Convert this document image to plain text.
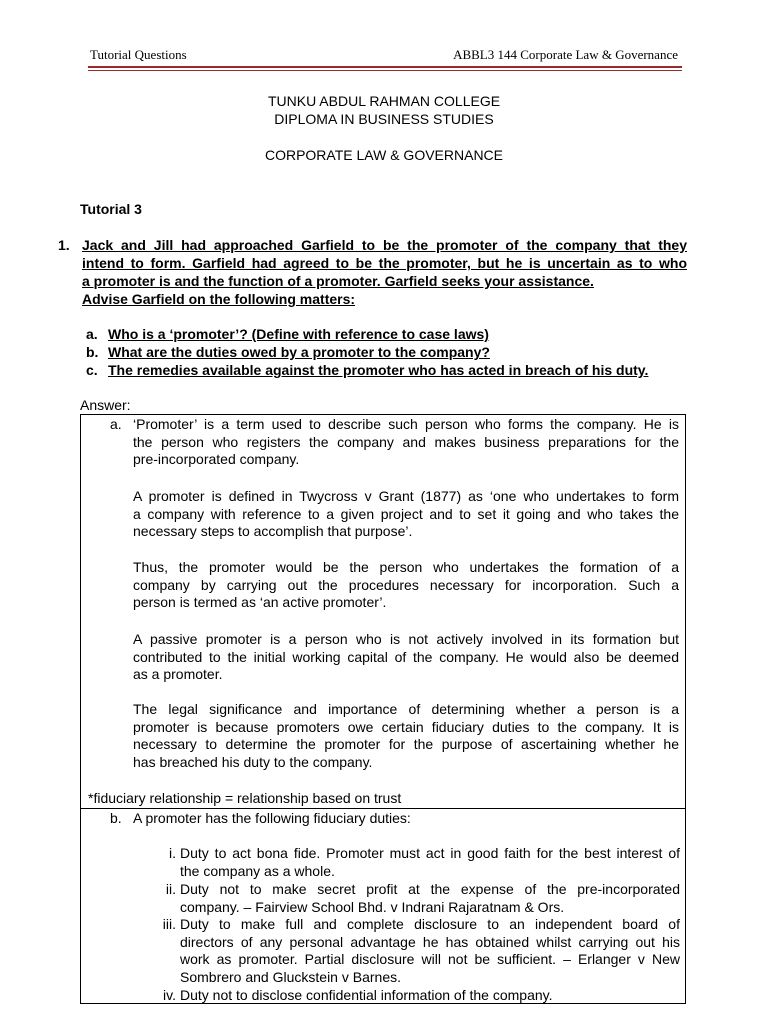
Tutorial Questions	ABBL3 144 Corporate Law & Governance
TUNKU ABDUL RAHMAN COLLEGE
DIPLOMA IN BUSINESS STUDIES
CORPORATE LAW & GOVERNANCE
Tutorial 3
1. Jack and Jill had approached Garfield to be the promoter of the company that they
intend to form. Garfield had agreed to be the promoter, but he is uncertain as to who
a promoter is and the function of a promoter. Garfield seeks your assistance.
Advise Garfield on the following matters:
a. Who is a ‘promoter’? (Define with reference to case laws)
b. What are the duties owed by a promoter to the company?
c. The remedies available against the promoter who has acted in breach of his duty.
Answer:
a. ‘Promoter’ is a term used to describe such person who forms the company. He is
the person who registers the company and makes business preparations for the
pre-incorporated company.
A promoter is defined in Twycross v Grant (1877) as ‘one who undertakes to form
a company with reference to a given project and to set it going and who takes the
necessary steps to accomplish that purpose’.
Thus, the promoter would be the person who undertakes the formation of a
company by carrying out the procedures necessary for incorporation. Such a
person is termed as ‘an active promoter’.
A passive promoter is a person who is not actively involved in its formation but
contributed to the initial working capital of the company. He would also be deemed
as a promoter.
The legal significance and importance of determining whether a person is a
promoter is because promoters owe certain fiduciary duties to the company. It is
necessary to determine the promoter for the purpose of ascertaining whether he
has breached his duty to the company.
*fiduciary relationship = relationship based on trust
b. A promoter has the following fiduciary duties:
i. Duty to act bona fide. Promoter must act in good faith for the best interest of
the company as a whole.
ii. Duty not to make secret profit at the expense of the pre-incorporated
company. – Fairview School Bhd. v Indrani Rajaratnam & Ors.
iii. Duty to make full and complete disclosure to an independent board of
directors of any personal advantage he has obtained whilst carrying out his
work as promoter. Partial disclosure will not be sufficient. – Erlanger v New
Sombrero and Gluckstein v Barnes.
iv. Duty not to disclose confidential information of the company.
